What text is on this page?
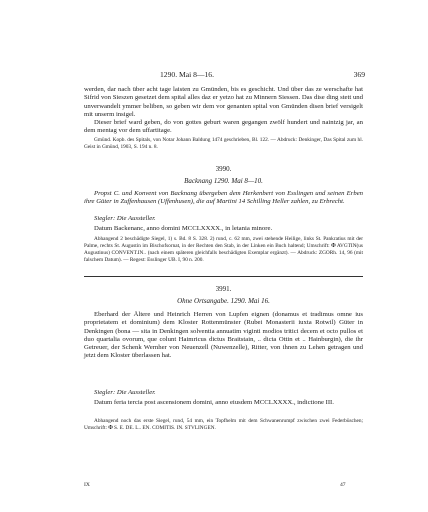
1290. Mai 8—16.	369

werden, dar nach über acht tage laisten zu Gmünden, bis es geschicht. Und über das ze werschafte hat Sifrid von Sieszen gesetzet dem spital alles daz er yetzo hat zu Minnern Siessen. Das dise ding stett und unverwandelt ymmer beliben, so geben wir dem vor genanten spital von Gmünden disen brief versigelt mit unserm insigel.

Dieser brief ward geben, do von gottes geburt waren gegangen zwölf hundert und naintzig jar, an dem mentag vor dem uffartitage.

Gmünd. Kopb. des Spitals, von Notar Johann Baldung 1474 geschrieben, Bl. 122. — Abdruck: Denkinger, Das Spital zum hl. Geist in Gmünd, 1903, S. 194 n. 8.

3990.
Backnang 1290. Mai 8—10.

Propst C. und Konvent von Backnang übergeben dem Herkenbert von Esslingen und seinen Erben ihre Güter in Zuffenhausen (Uffenhusen), die auf Martini 14 Schilling Heller zahlen, zu Erbrecht.

Siegler: Die Aussteller.

Datum Backenanc, anno domini MCCLXXXX., in letania minore.

Abhangend 2 beschädigte Siegel, 1) s. Bd. 8 S. 328. 2) rund, c. 62 mm, zwei stehende Heilige, links St. Pankratius mit der Palme, rechts St. Augustin im Bischofsornat, in der Rechten den Stab, in der Linken ein Buch haltend; Umschrift: ✠ AVGTIN(us Augustinus) CONVENT.IN.. (nach einem späteren gleichfalls beschädigten Exemplar ergänzt). — Abdruck: ZGORh. 14, 96 (mit falschem Datum). — Regest: Esslinger UB. I, 90 n. 200.

3991.
Ohne Ortsangabe. 1290. Mai 16.

Eberhard der Ältere und Heinrich Herren von Lupfen eignen (donamus et tradimus omne ius proprietatem et dominium) dem Kloster Rottenmünster (Rubei Monasterii iuxta Rotwil) Güter in Denkingen (bona — sita in Denkingen solventia annuatim viginti modios tritici decem et octo pullos et duo quartalia ovorum, que colunt Haimricus dictus Braitstain, .. dicta Ottin et .. Hainburgin), die ihr Getreuer, der Schenk Wernher von Neuenzell (Nuwenzelle), Ritter, von ihnen zu Lehen getragen und jetzt dem Kloster überlassen hat.

Siegler: Die Aussteller.

Datum feria tercia post ascensionem domini, anno eiusdem MCCLXXXX., indictione III.

Abhangend noch das erste Siegel, rund, 54 mm, ein Topfhelm mit dem Schwanenrumpf zwischen zwei Federbüschen; Umschrift: ✠ S. E. DE. L.. EN. COMITIS. IN. STVLINGEN.

IX	47
